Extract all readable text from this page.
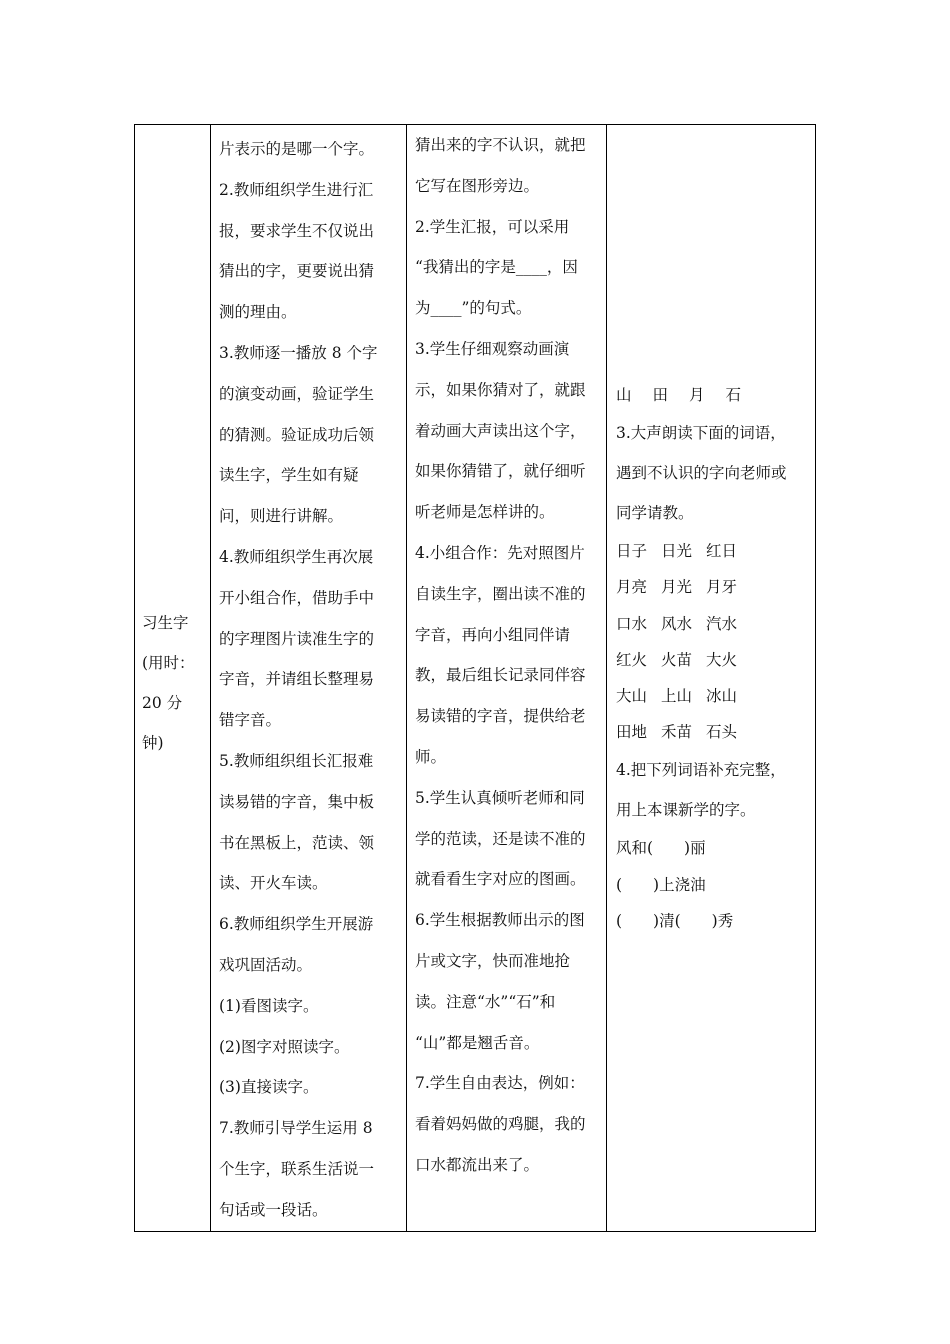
习生字
(用时：
20 分
钟)

片表示的是哪一个字。
2.教师组织学生进行汇
报，要求学生不仅说出
猜出的字，更要说出猜
测的理由。
3.教师逐一播放 8 个字
的演变动画，验证学生
的猜测。验证成功后领
读生字，学生如有疑
问，则进行讲解。
4.教师组织学生再次展
开小组合作，借助手中
的字理图片读准生字的
字音，并请组长整理易
错字音。
5.教师组织组长汇报难
读易错的字音，集中板
书在黑板上，范读、领
读、开火车读。
6.教师组织学生开展游
戏巩固活动。
(1)看图读字。
(2)图字对照读字。
(3)直接读字。
7.教师引导学生运用 8
个生字，联系生活说一
句话或一段话。

猜出来的字不认识，就把
它写在图形旁边。
2.学生汇报，可以采用
“我猜出的字是____，因
为____”的句式。
3.学生仔细观察动画演
示，如果你猜对了，就跟
着动画大声读出这个字，
如果你猜错了，就仔细听
听老师是怎样讲的。
4.小组合作：先对照图片
自读生字，圈出读不准的
字音，再向小组同伴请
教，最后组长记录同伴容
易读错的字音，提供给老
师。
5.学生认真倾听老师和同
学的范读，还是读不准的
就看看生字对应的图画。
6.学生根据教师出示的图
片或文字，快而准地抢
读。注意“水”“石”和
“山”都是翘舌音。
7.学生自由表达，例如：
看着妈妈做的鸡腿，我的
口水都流出来了。

山 田 月 石
3.大声朗读下面的词语，
遇到不认识的字向老师或
同学请教。
日子 日光 红日
月亮 月光 月牙
口水 风水 汽水
红火 火苗 大火
大山 上山 冰山
田地 禾苗 石头
4.把下列词语补充完整，
用上本课新学的字。
风和(　　)丽
(　　)上浇油
(　　)清(　　)秀
